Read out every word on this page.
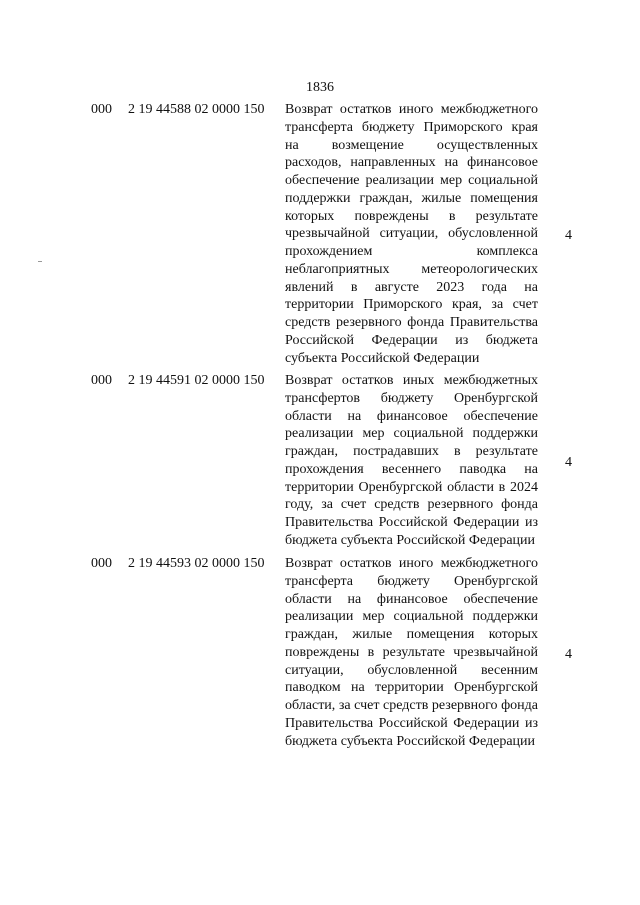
1836
000 2 19 44588 02 0000 150 Возврат остатков иного межбюджетного трансферта бюджету Приморского края на возмещение осуществленных расходов, направленных на финансовое обеспечение реализации мер социальной поддержки граждан, жилые помещения которых повреждены в результате чрезвычайной ситуации, обусловленной прохождением комплекса неблагоприятных метеорологических явлений в августе 2023 года на территории Приморского края, за счет средств резервного фонда Правительства Российской Федерации из бюджета субъекта Российской Федерации
4
000 2 19 44591 02 0000 150 Возврат остатков иных межбюджетных трансфертов бюджету Оренбургской области на финансовое обеспечение реализации мер социальной поддержки граждан, пострадавших в результате прохождения весеннего паводка на территории Оренбургской области в 2024 году, за счет средств резервного фонда Правительства Российской Федерации из бюджета субъекта Российской Федерации
4
000 2 19 44593 02 0000 150 Возврат остатков иного межбюджетного трансферта бюджету Оренбургской области на финансовое обеспечение реализации мер социальной поддержки граждан, жилые помещения которых повреждены в результате чрезвычайной ситуации, обусловленной весенним паводком на территории Оренбургской области, за счет средств резервного фонда Правительства Российской Федерации из бюджета субъекта Российской Федерации
4
